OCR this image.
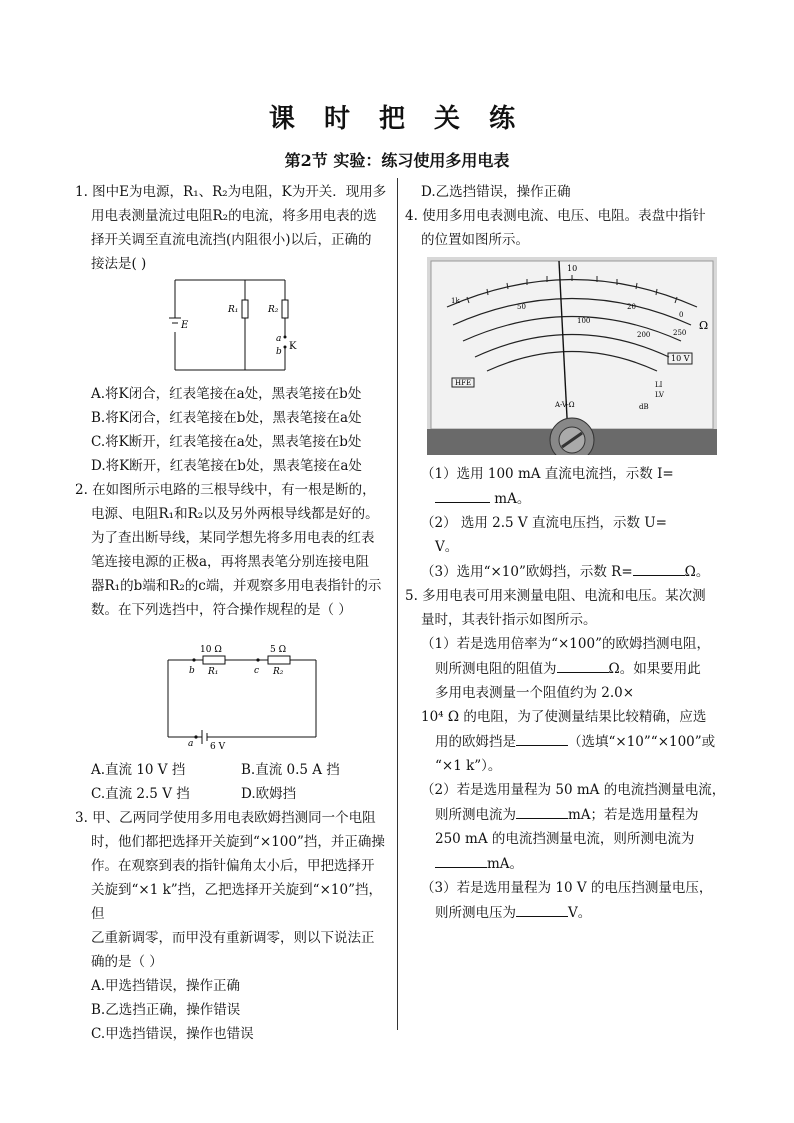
课 时 把 关 练
第2节 实验：练习使用多用电表

1. 图中E为电源，R₁、R₂为电阻，K为开关．现用多

用电表测量流过电阻R₂的电流，将多用电表的选

择开关调至直流电流挡(内阻很小)以后，正确的

接法是( )

E
R₁	R₂
a
b K

A.将K闭合，红表笔接在a处，黑表笔接在b处

B.将K闭合，红表笔接在b处，黑表笔接在a处

C.将K断开，红表笔接在a处，黑表笔接在b处

D.将K断开，红表笔接在b处，黑表笔接在a处

2. 在如图所示电路的三根导线中，有一根是断的，

电源、电阻R₁和R₂以及另外两根导线都是好的。

为了查出断导线，某同学想先将多用电表的红表

笔连接电源的正极a，再将黑表笔分别连接电阻

器R₁的b端和R₂的c端，并观察多用电表指针的示

数。在下列选挡中，符合操作规程的是（ ）

10 Ω	5 Ω
b	c
R₁	R₂
a 6 V
A.直流 10 V 挡	B.直流 0.5 A 挡
C.直流 2.5 V 挡	D.欧姆挡

3. 甲、乙两同学使用多用电表欧姆挡测同一个电阻

时，他们都把选择开关旋到“×100”挡，并正确操

作。在观察到表的指针偏角太小后，甲把选择开

关旋到“×1 k”挡，乙把选择开关旋到“×10”挡，但

乙重新调零，而甲没有重新调零，则以下说法正

确的是（ ）

A.甲选挡错误，操作正确

B.乙选挡正确，操作错误

C.甲选挡错误，操作也错误

D.乙选挡错误，操作正确

4. 使用多用电表测电流、电压、电阻。表盘中指针

的位置如图所示。

Ω
10 V
HFE	LI
LV
dB
A-V-Ω
10
1k
50	20
100
200	250
0

（1）选用 100 mA 直流电流挡，示数 I=

mA。

（2） 选用 2.5 V 直流电压挡，示数 U=

V。

（3）选用“×10”欧姆挡，示数 R=	Ω。

5. 多用电表可用来测量电阻、电流和电压。某次测

量时，其表针指示如图所示。

（1）若是选用倍率为“×100”的欧姆挡测电阻，

则所测电阻的阻值为	Ω。如果要用此

多用电表测量一个阻值约为 2.0×

10⁴ Ω 的电阻，为了使测量结果比较精确，应选

用的欧姆挡是	（选填“×10”“×100”或

“×1 k”）。

（2）若是选用量程为 50 mA 的电流挡测量电流，

则所测电流为	mA；若是选用量程为

250 mA 的电流挡测量电流，则所测电流为

mA。

（3）若是选用量程为 10 V 的电压挡测量电压，

则所测电压为	V。
